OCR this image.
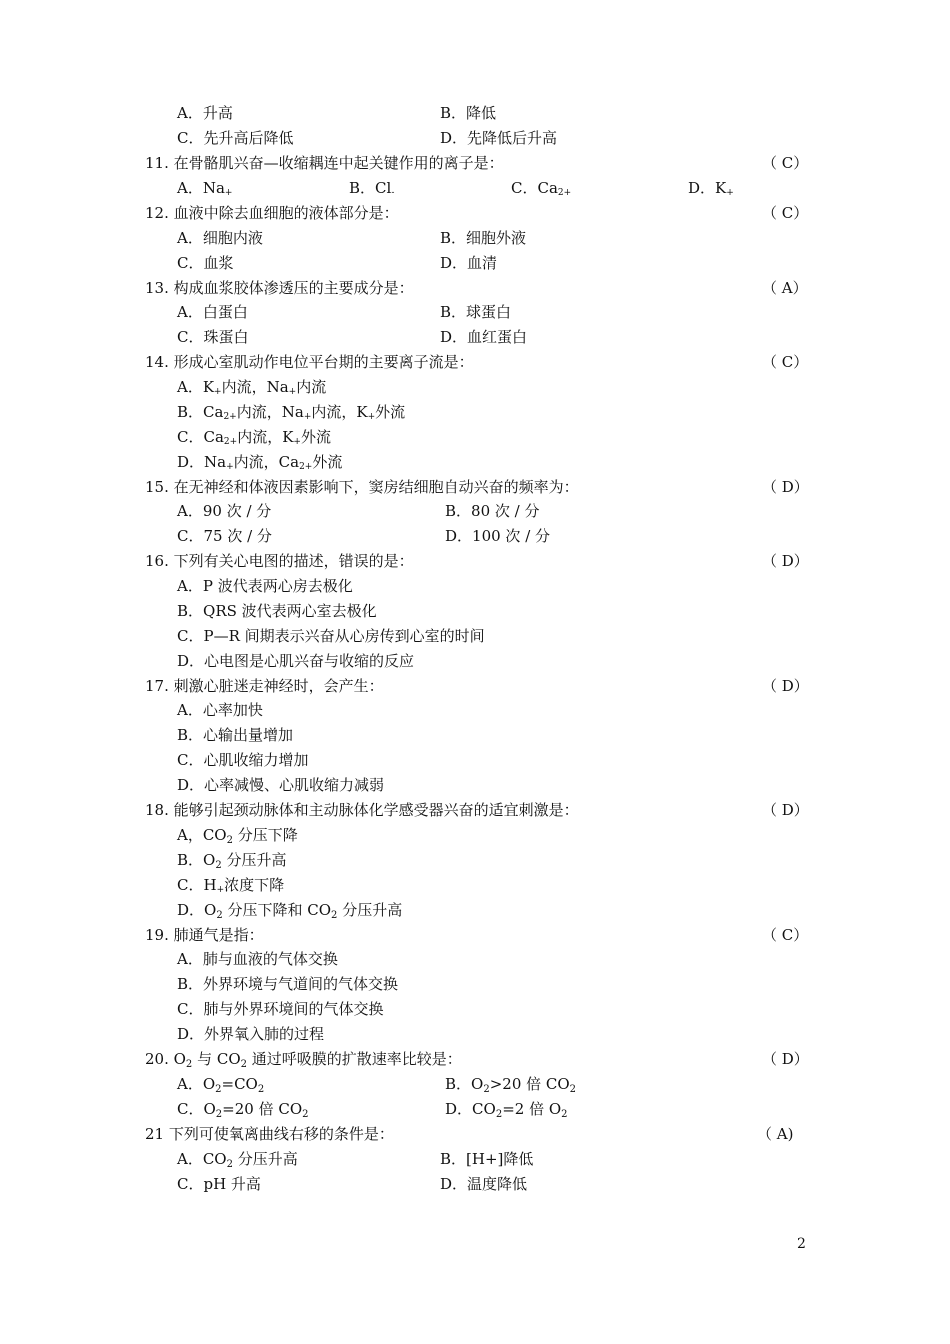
A．升高	B．降低
C．先升高后降低	D．先降低后升高
11. 在骨骼肌兴奋—收缩耦连中起关键作用的离子是：	（ C）
A．Na+	B．Cl-	C．$Ca^{2+}$	D．K+
12. 血液中除去血细胞的液体部分是：	（ C）
A．细胞内液	B．细胞外液
C．血浆	D．血清
13. 构成血浆胶体渗透压的主要成分是：	（ A）
A．白蛋白	B．球蛋白
C．珠蛋白	D．血红蛋白
14. 形成心室肌动作电位平台期的主要离子流是：	（ C）
A．K+内流，Na+内流
B．$Ca^{2+}$内流，Na+内流，K+外流
C．$Ca^{2+}$内流，K+外流
D．Na+内流，$Ca^{2+}$外流
15. 在无神经和体液因素影响下，窦房结细胞自动兴奋的频率为：	（ D）
A．90 次 / 分	B．80 次 / 分
C．75 次 / 分	D．100 次 / 分
16. 下列有关心电图的描述，错误的是：	（ D）
A．P 波代表两心房去极化
B．QRS 波代表两心室去极化
C．P—R 间期表示兴奋从心房传到心室的时间
D．心电图是心肌兴奋与收缩的反应
17. 刺激心脏迷走神经时，会产生：	（ D）
A．心率加快
B．心输出量增加
C．心肌收缩力增加
D．心率减慢、心肌收缩力减弱
18. 能够引起颈动脉体和主动脉体化学感受器兴奋的适宜刺激是：	（ D）
A，$CO_2$ 分压下降
B．$O_2$ 分压升高
C．H+浓度下降
D．$O_2$ 分压下降和 $CO_2$ 分压升高
19. 肺通气是指：	（ C）
A．肺与血液的气体交换
B．外界环境与气道间的气体交换
C．肺与外界环境间的气体交换
D．外界氧入肺的过程
20. $O_2$ 与 $CO_2$ 通过呼吸膜的扩散速率比较是：	（ D）
A．$O_2=CO_2$	B．$O_2>20$ 倍 $CO_2$
C．$O_2=20$ 倍 $CO_2$	D．$CO_2=2$ 倍 $O_2$
21 下列可使氧离曲线右移的条件是：	（ A)
A．$CO_2$ 分压升高	B．[H+]降低
C．pH 升高	D．温度降低
2
